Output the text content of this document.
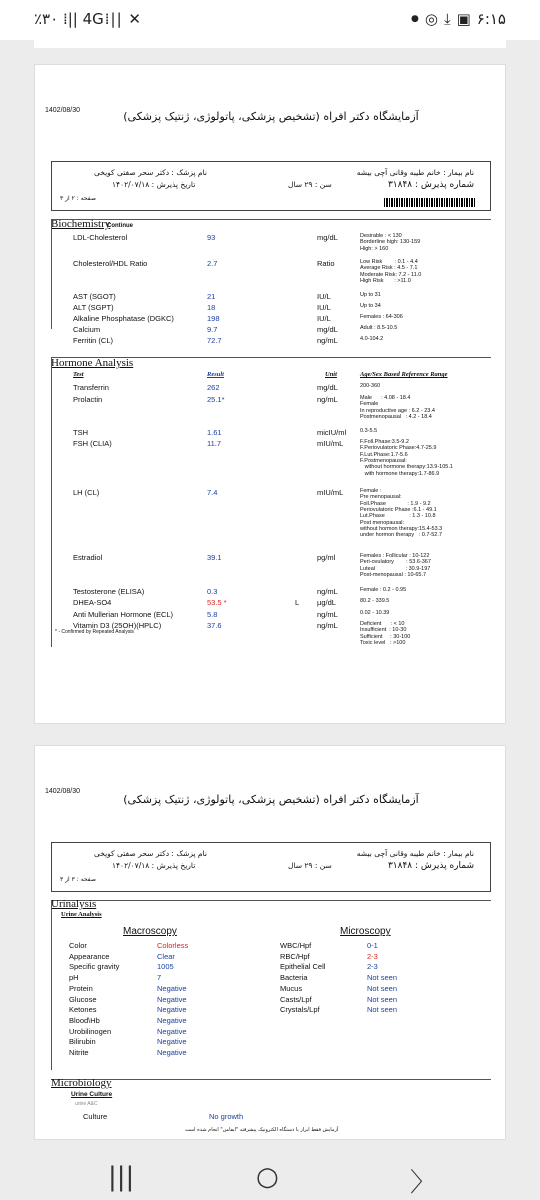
٪۳۰ ⁞|| 4G⁞|| ✕	● ◎ ⤓ ▣ ۶:۱۵
1402/08/30	(آزمایشگاه دکتر افراه (تشخیص پزشکی، پاتولوژی، ژنتیک پزشکی
نام پزشک : دکتر سحر صفتی کویخی	نام بیمار : خانم طیبه وقانی آچی بیشه
تاریخ پذیرش : ۱۴۰۲/۰۷/۱۸	سن : ۲۹ سال	شماره پذیرش : ۳۱۸۴۸
صفحه : ۲ از ۳
Biochemistry
Continue
LDL-Cholesterol	93	mg/dL	Desirable : < 130
Borderline high: 130-159
High: > 160
Cholesterol/HDL Ratio	2.7	Ratio	Low Risk        : 0.1 - 4.4
Average Risk : 4.5 - 7.1
Moderate Risk: 7.2 - 11.0
High Risk       : >11.0
AST (SGOT)	21	IU/L	Up to 31
ALT (SGPT)	18	IU/L	Up to 34
Alkaline Phosphatase (DGKC)	198	IU/L	Females : 64-306
Calcium	9.7	mg/dL	Adult : 8.5-10.5
Ferritin (CL)	72.7	ng/mL	4.0-104.2
Hormone Analysis
Test	Result	Unit	Age/Sex Based Reference Range
Transferrin	262	mg/dL	200-360
Prolactin	25.1*	ng/mL	Male      : 4.08 - 18.4
Female
In reproductive age : 6.2 - 23.4
Postmenopausal   : 4.2 - 18.4
TSH	1.61	micIU/ml	0.3-5.5
FSH (CLIA)	11.7	mIU/mL	F.Foll.Phase:3.5-9.2
F.Periovulatoric Phase:4.7-25.9
F.Lut.Phase:1.7-5.6
F.Postmenopausal:
without hormone therapy:13.9-105.1
with hormone therapy:1.7-86.9
LH (CL)	7.4	mIU/mL	Female :
Pre menopausal:
Foll.Phase              : 1.9 - 9.2
Periovulatoric Phase :6.1 - 49.1
Lut.Phase                : 1.3 - 10.8
Post menopausal:
without hormon therapy:15.4-53.3
under hormon therapy   : 0.7-52.7
Estradiol	39.1	pg/ml	Females : Follicular : 10-122
Peri-ovulatory        : 53.6-367
Luteal                    : 30.9-197
Post-menopausal : 10-65.7
Testosterone (ELISA)	0.3	ng/mL	Female : 0.2 - 0.95
DHEA-SO4	53.5 *	L µg/dL	80.2 - 339.5
Anti Mullerian Hormone (ECL)	5.8	ng/mL	0.02 - 10.39
Vitamin D3 (25OH)(HPLC)	37.6	ng/mL	Deficient      : < 10
Insufficient  : 10-30
Sufficient     : 30-100
Toxic level   : >100
* - Confirmed by Repeated Analysis
1402/08/30
(آزمایشگاه دکتر افراه (تشخیص پزشکی، پاتولوژی، ژنتیک پزشکی
نام پزشک : دکتر سحر صفتی کویخی	نام بیمار : خانم طیبه وقانی آچی بیشه
تاریخ پذیرش : ۱۴۰۲/۰۷/۱۸	سن : ۲۹ سال	شماره پذیرش : ۳۱۸۴۸
صفحه : ۳ از ۳
Urinalysis
Urine Analysis
Macroscopy	Microscopy
Color	Colorless
Appearance	Clear
Specific gravity	1005
pH	7
Protein	Negative
Glucose	Negative
Ketones	Negative
Blood\Hb	Negative
Urobilinogen	Negative
Bilirubin	Negative
Nitrite	Negative
WBC/Hpf	0-1
RBC/Hpf	2-3
Epithelial Cell	2-3
Bacteria	Not seen
Mucus	Not seen
Casts/Lpf	Not seen
Crystals/Lpf	Not seen
Microbiology
Urine Culture
urine A&C
Culture	No growth
آزمایش فقط ابراز با دستگاه الکترونیک پیشرفته "ایفامن" انجام شده است
|||	○	〉
